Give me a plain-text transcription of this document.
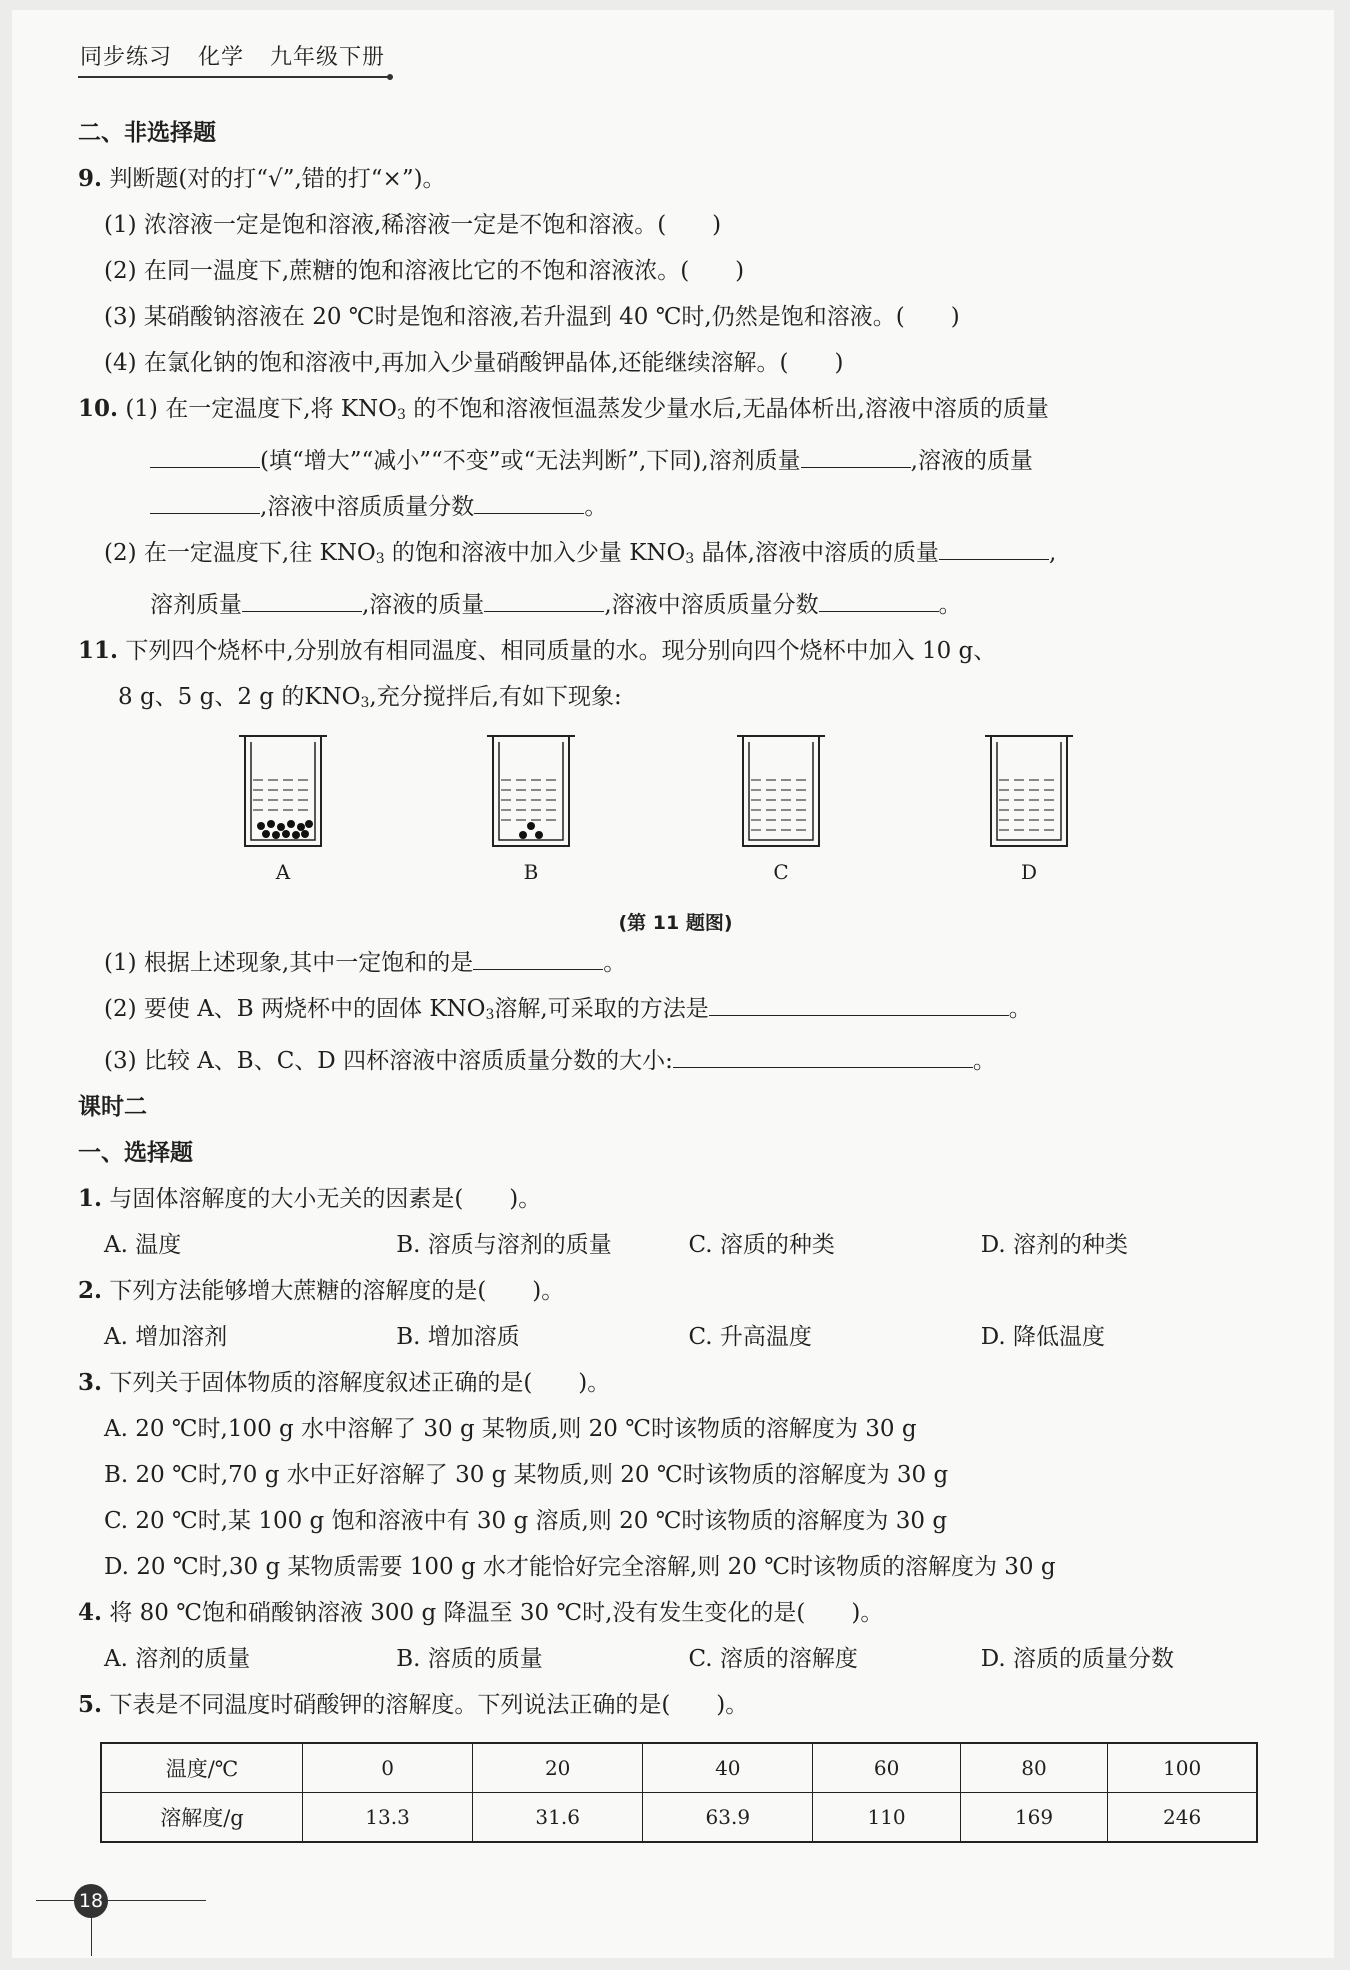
同步练习 化学 九年级下册
二、非选择题
9. 判断题(对的打“√”,错的打“×”)。
(1) 浓溶液一定是饱和溶液,稀溶液一定是不饱和溶液。(　　)
(2) 在同一温度下,蔗糖的饱和溶液比它的不饱和溶液浓。(　　)
(3) 某硝酸钠溶液在 20 ℃时是饱和溶液,若升温到 40 ℃时,仍然是饱和溶液。(　　)
(4) 在氯化钠的饱和溶液中,再加入少量硝酸钾晶体,还能继续溶解。(　　)
10. (1) 在一定温度下,将 $KNO_3$ 的不饱和溶液恒温蒸发少量水后,无晶体析出,溶液中溶质的质量
(填“增大”“减小”“不变”或“无法判断”,下同),溶剂质量	,溶液的质量
,溶液中溶质质量分数	。
(2) 在一定温度下,往 $KNO_3$ 的饱和溶液中加入少量 $KNO_3$ 晶体,溶液中溶质的质量	,
溶剂质量	,溶液的质量	,溶液中溶质质量分数	。
11. 下列四个烧杯中,分别放有相同温度、相同质量的水。现分别向四个烧杯中加入 10 g、
8 g、5 g、2 g 的$KNO_3$,充分搅拌后,有如下现象:
A	B	C	D
(第 11 题图)
(1) 根据上述现象,其中一定饱和的是	。
(2) 要使 A、B 两烧杯中的固体 $KNO_3$溶解,可采取的方法是	。
(3) 比较 A、B、C、D 四杯溶液中溶质质量分数的大小:	。
课时二
一、选择题
1. 与固体溶解度的大小无关的因素是(　　)。
A. 温度	B. 溶质与溶剂的质量	C. 溶质的种类	D. 溶剂的种类
2. 下列方法能够增大蔗糖的溶解度的是(　　)。
A. 增加溶剂	B. 增加溶质	C. 升高温度	D. 降低温度
3. 下列关于固体物质的溶解度叙述正确的是(　　)。
A. 20 ℃时,100 g 水中溶解了 30 g 某物质,则 20 ℃时该物质的溶解度为 30 g
B. 20 ℃时,70 g 水中正好溶解了 30 g 某物质,则 20 ℃时该物质的溶解度为 30 g
C. 20 ℃时,某 100 g 饱和溶液中有 30 g 溶质,则 20 ℃时该物质的溶解度为 30 g
D. 20 ℃时,30 g 某物质需要 100 g 水才能恰好完全溶解,则 20 ℃时该物质的溶解度为 30 g
4. 将 80 ℃饱和硝酸钠溶液 300 g 降温至 30 ℃时,没有发生变化的是(　　)。
A. 溶剂的质量	B. 溶质的质量	C. 溶质的溶解度	D. 溶质的质量分数
5. 下表是不同温度时硝酸钾的溶解度。下列说法正确的是(　　)。
温度/℃	0	20	40	60	80	100
溶解度/g	13.3	31.6	63.9	110	169	246
18
